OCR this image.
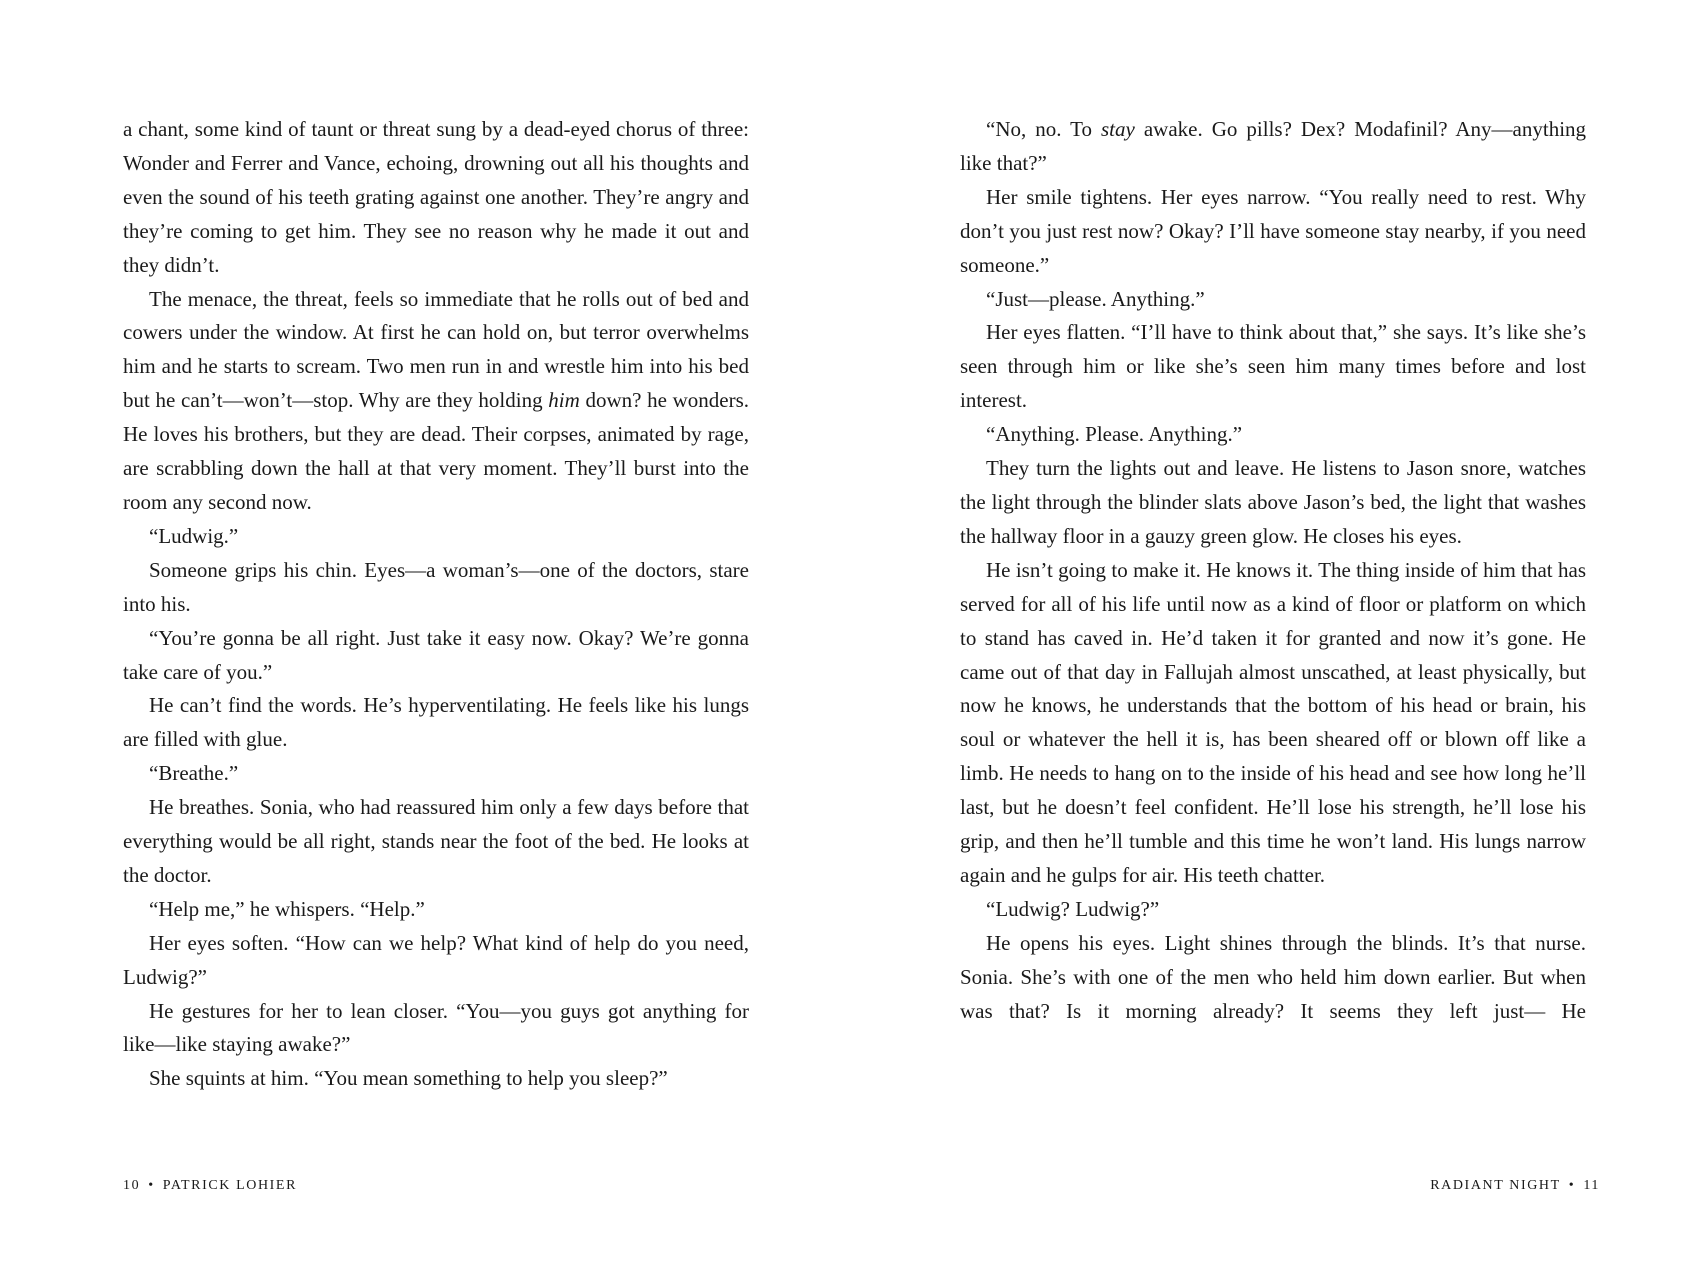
a chant, some kind of taunt or threat sung by a dead-eyed chorus of three: Wonder and Ferrer and Vance, echoing, drowning out all his thoughts and even the sound of his teeth grating against one another. They’re angry and they’re coming to get him. They see no reason why he made it out and they didn’t.

The menace, the threat, feels so immediate that he rolls out of bed and cowers under the window. At first he can hold on, but terror overwhelms him and he starts to scream. Two men run in and wrestle him into his bed but he can’t—won’t—stop. Why are they holding him down? he wonders. He loves his brothers, but they are dead. Their corpses, animated by rage, are scrabbling down the hall at that very moment. They’ll burst into the room any second now.

“Ludwig.”

Someone grips his chin. Eyes—a woman’s—one of the doctors, stare into his.

“You’re gonna be all right. Just take it easy now. Okay? We’re gonna take care of you.”

He can’t find the words. He’s hyperventilating. He feels like his lungs are filled with glue.

“Breathe.”

He breathes. Sonia, who had reassured him only a few days before that everything would be all right, stands near the foot of the bed. He looks at the doctor.

“Help me,” he whispers. “Help.”

Her eyes soften. “How can we help? What kind of help do you need, Ludwig?”

He gestures for her to lean closer. “You—you guys got anything for like—like staying awake?”

She squints at him. “You mean something to help you sleep?”

10 • PATRICK LOHIER

“No, no. To stay awake. Go pills? Dex? Modafinil? Any—anything like that?”

Her smile tightens. Her eyes narrow. “You really need to rest. Why don’t you just rest now? Okay? I’ll have someone stay nearby, if you need someone.”

“Just—please. Anything.”

Her eyes flatten. “I’ll have to think about that,” she says. It’s like she’s seen through him or like she’s seen him many times before and lost interest.

“Anything. Please. Anything.”

They turn the lights out and leave. He listens to Jason snore, watches the light through the blinder slats above Jason’s bed, the light that washes the hallway floor in a gauzy green glow. He closes his eyes.

He isn’t going to make it. He knows it. The thing inside of him that has served for all of his life until now as a kind of floor or platform on which to stand has caved in. He’d taken it for granted and now it’s gone. He came out of that day in Fallujah almost unscathed, at least physically, but now he knows, he understands that the bottom of his head or brain, his soul or whatever the hell it is, has been sheared off or blown off like a limb. He needs to hang on to the inside of his head and see how long he’ll last, but he doesn’t feel confident. He’ll lose his strength, he’ll lose his grip, and then he’ll tumble and this time he won’t land. His lungs narrow again and he gulps for air. His teeth chatter.

“Ludwig? Ludwig?”

He opens his eyes. Light shines through the blinds. It’s that nurse. Sonia. She’s with one of the men who held him down earlier. But when was that? Is it morning already? It seems they left just— He

RADIANT NIGHT • 11
